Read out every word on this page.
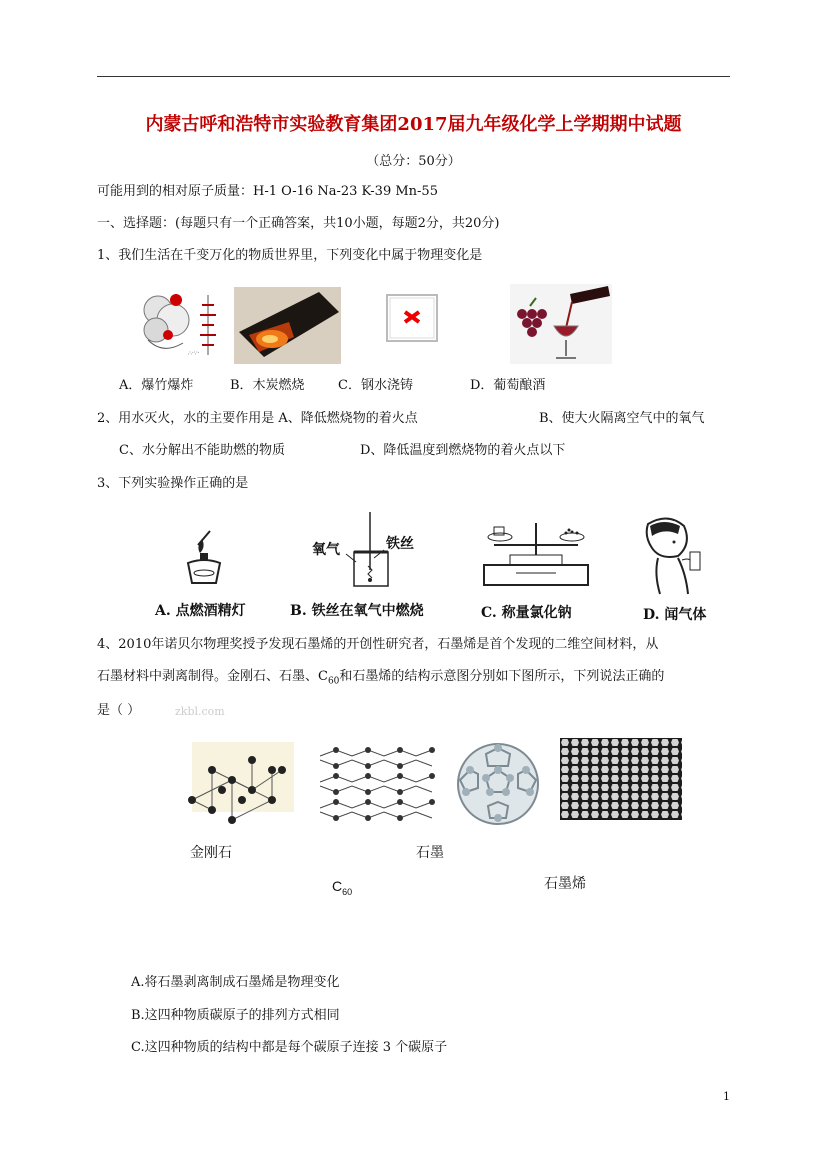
内蒙古呼和浩特市实验教育集团2017届九年级化学上学期期中试题
（总分：50分）
可能用到的相对原子质量：H-1 O-16 Na-23 K-39 Mn-55
一、选择题：(每题只有一个正确答案，共10小题，每题2分，共20分)
1、我们生活在千变万化的物质世界里，下列变化中属于物理变化是
∴·∵·
A．爆竹爆炸	B．木炭燃烧	C．钢水浇铸	D．葡萄酿酒
2、用水灭火，水的主要作用是 A、降低燃烧物的着火点	B、使大火隔离空气中的氧气
C、水分解出不能助燃的物质	D、降低温度到燃烧物的着火点以下
3、下列实验操作正确的是
氧气	铁丝
A. 点燃酒精灯	B. 铁丝在氧气中燃烧	C. 称量氯化钠	D. 闻气体
4、2010年诺贝尔物理奖授予发现石墨烯的开创性研究者，石墨烯是首个发现的二维空间材料，从
石墨材料中剥离制得。金刚石、石墨、$C_{60}$和石墨烯的结构示意图分别如下图所示，下列说法正确的
是（ ）	zkbl.com
金刚石	石墨
$C_{60}$	石墨烯
A.将石墨剥离制成石墨烯是物理变化
B.这四种物质碳原子的排列方式相同
C.这四种物质的结构中都是每个碳原子连接 3 个碳原子
1
